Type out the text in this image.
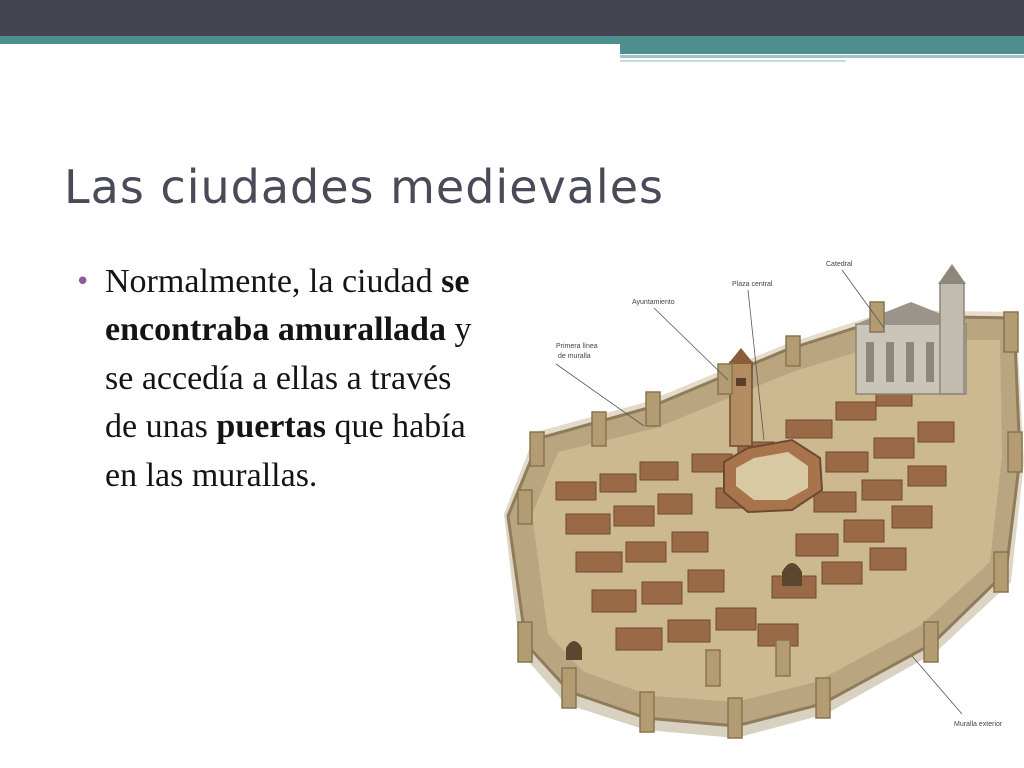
Las ciudades medievales
• Normalmente, la ciudad se encontraba amurallada y se accedía a ellas a través de unas puertas que había en las murallas.
Primera línea
de muralla
Ayuntamiento
Plaza central
Catedral
Muralla exterior
